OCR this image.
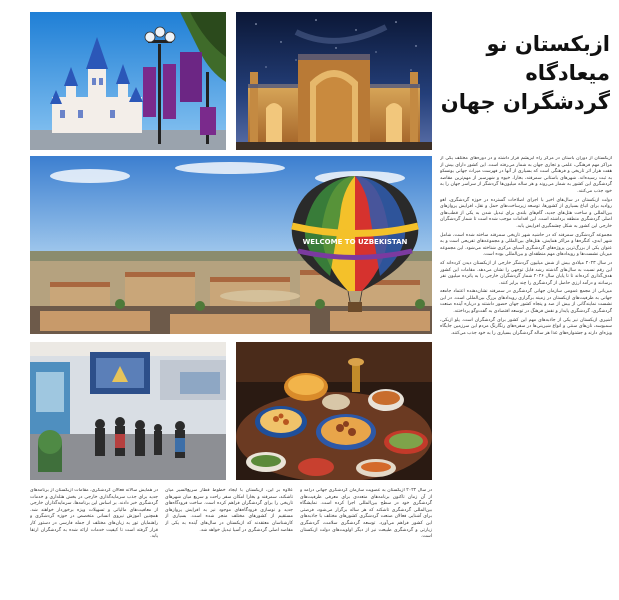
ازبکستان نو
میعادگاه
گردشگران جهان
WELCOME TO UZBEKISTAN

ازبکستان از دوران باستان در مرکز راه ابریشم قرار داشته و در دوره‌های مختلف یکی از مراکز مهم فرهنگی، علمی و تجاری جهان به شمار می‌رفته است. این کشور دارای بیش از هفت هزار اثر تاریخی و فرهنگی است که بسیاری از آنها در فهرست میراث جهانی یونسکو به ثبت رسیده‌اند. شهرهای باستانی سمرقند، بخارا، خیوه و شهرسبز از مهم‌ترین مقاصد گردشگری این کشور به شمار می‌روند و هر ساله میلیون‌ها گردشگر از سراسر جهان را به خود جذب می‌کنند.

دولت ازبکستان در سال‌های اخیر با اجرای اصلاحات گسترده در حوزه گردشگری، لغو روادید برای اتباع بسیاری از کشورها، توسعه زیرساخت‌های حمل و نقل، افزایش پروازهای بین‌المللی و ساخت هتل‌های جدید، گام‌های بلندی برای تبدیل شدن به یکی از قطب‌های اصلی گردشگری منطقه برداشته است. این اقدامات موجب شده است تا شمار گردشگران خارجی این کشور به شکل چشمگیری افزایش یابد.

مجموعه گردشگری سمرقند که در حاشیه شهر تاریخی سمرقند ساخته شده است، شامل شهر ابدی، کنگره‌ها و مراکز همایش، هتل‌های بین‌المللی و مجموعه‌های تفریحی است و به عنوان یکی از بزرگ‌ترین پروژه‌های گردشگری آسیای مرکزی شناخته می‌شود. این مجموعه میزبان نشست‌ها و رویدادهای مهم منطقه‌ای و بین‌المللی بوده است.

در سال ۲۰۲۳ میلادی بیش از شش میلیون گردشگر خارجی از ازبکستان دیدن کرده‌اند که این رقم نسبت به سال‌های گذشته رشد قابل توجهی را نشان می‌دهد. مقامات این کشور هدف‌گذاری کرده‌اند تا تا پایان سال ۲۰۲۶ شمار گردشگران خارجی را به پانزده میلیون نفر برسانند و درآمد ارزی حاصل از گردشگری را چند برابر کنند.

میزبانی از مجمع عمومی سازمان جهانی گردشگری در سمرقند نشان‌دهنده اعتماد جامعه جهانی به ظرفیت‌های ازبکستان در زمینه برگزاری رویدادهای بزرگ بین‌المللی است. در این نشست نمایندگانی از بیش از صد و پنجاه کشور جهان حضور داشتند و درباره آینده صنعت گردشگری، گردشگری پایدار و نقش فرهنگ در توسعه اقتصادی به گفت‌وگو پرداختند.

آشپزی ازبکستان نیز یکی از جاذبه‌های مهم این کشور برای گردشگران است. پلو ازبکی، سمبوسه، نان‌های سنتی و انواع شیرینی‌ها در سفره‌های رنگارنگ مردم این سرزمین جایگاه ویژه‌ای دارند و جشنواره‌های غذا هر ساله گردشگران بسیاری را به خود جذب می‌کنند.

در سال ۲۰۲۲ ازبکستان به عضویت سازمان گردشگری جهانی درآمد و از آن زمان تاکنون برنامه‌های متعددی برای معرفی ظرفیت‌های گردشگری خود در سطح بین‌المللی اجرا کرده است. نمایشگاه بین‌المللی گردشگری تاشکند که هر ساله برگزار می‌شود، فرصتی برای آشنایی فعالان صنعت گردشگری کشورهای مختلف با جاذبه‌های این کشور فراهم می‌آورد. توسعه گردشگری سلامت، گردشگری زیارتی و گردشگری طبیعت نیز از دیگر اولویت‌های دولت ازبکستان است.

علاوه بر این، ازبکستان با ایجاد خطوط قطار سریع‌السیر میان تاشکند، سمرقند و بخارا امکان سفر راحت و سریع میان شهرهای تاریخی را برای گردشگران فراهم کرده است. ساخت فرودگاه‌های جدید و نوسازی فرودگاه‌های موجود نیز به افزایش پروازهای مستقیم از کشورهای مختلف منجر شده است. بسیاری از کارشناسان معتقدند که ازبکستان در سال‌های آینده به یکی از مقاصد اصلی گردشگری در آسیا تبدیل خواهد شد.

در همایش سالانه فعالان گردشگری، مقامات ازبکستان از برنامه‌های جدید برای جذب سرمایه‌گذاری خارجی در بخش هتلداری و خدمات گردشگری خبر دادند. بر اساس این برنامه‌ها، سرمایه‌گذاران خارجی از معافیت‌های مالیاتی و تسهیلات ویژه برخوردار خواهند شد. همچنین آموزش نیروی انسانی متخصص در حوزه گردشگری و راهنمایان تور به زبان‌های مختلف از جمله فارسی در دستور کار قرار گرفته است تا کیفیت خدمات ارائه شده به گردشگران ارتقا یابد.
